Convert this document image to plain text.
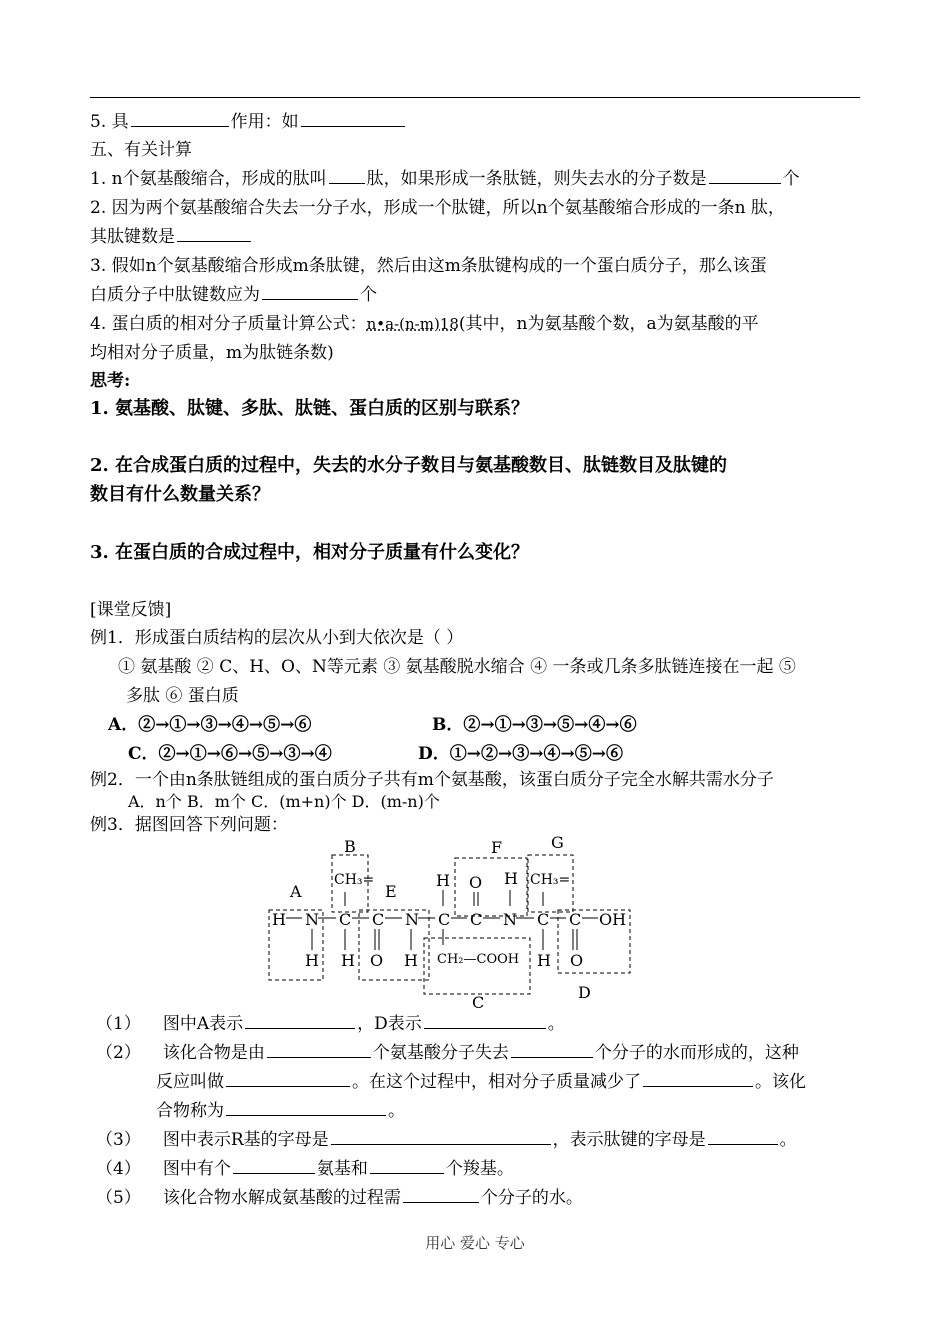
5. 具	作用：如
五、有关计算
1. n个氨基酸缩合，形成的肽叫 肽，如果形成一条肽链，则失去水的分子数是	个
2. 因为两个氨基酸缩合失去一分子水，形成一个肽键，所以n个氨基酸缩合形成的一条n 肽，
其肽键数是
3. 假如n个氨基酸缩合形成m条肽键，然后由这m条肽键构成的一个蛋白质分子，那么该蛋
白质分子中肽键数应为	个
4. 蛋白质的相对分子质量计算公式：n•a-(n-m)18(其中，n为氨基酸个数，a为氨基酸的平
均相对分子质量，m为肽链条数)
思考:
1. 氨基酸、肽键、多肽、肽链、蛋白质的区别与联系？
2. 在合成蛋白质的过程中，失去的水分子数目与氨基酸数目、肽链数目及肽键的
数目有什么数量关系？
3. 在蛋白质的合成过程中，相对分子质量有什么变化？
[课堂反馈]
例1．形成蛋白质结构的层次从小到大依次是（ ）
① 氨基酸 ② C、H、O、N等元素 ③ 氨基酸脱水缩合 ④ 一条或几条多肽链连接在一起 ⑤
多肽 ⑥ 蛋白质
A．②→①→③→④→⑤→⑥	B．②→①→③→⑤→④→⑥
C．②→①→⑥→⑤→③→④	D．①→②→③→④→⑤→⑥
例2．一个由n条肽链组成的蛋白质分子共有m个氨基酸，该蛋白质分子完全水解共需水分子
A．n个 B．m个 C．(m+n)个 D．(m-n)个
例3．据图回答下列问题：
A
B
E
F	G
C
D
CH₃=	CH₃=
H N C C N C C N C C OH
H O H
H H O H CH₂—COOH H O
（1） 图中A表示	，D表示	。
（2） 该化合物是由	个氨基酸分子失去	个分子的水而形成的，这种
反应叫做	。在这个过程中，相对分子质量减少了	。该化
合物称为	。
（3） 图中表示R基的字母是	，表示肽键的字母是	。
（4） 图中有个	氨基和	个羧基。
（5） 该化合物水解成氨基酸的过程需	个分子的水。
用心 爱心 专心
